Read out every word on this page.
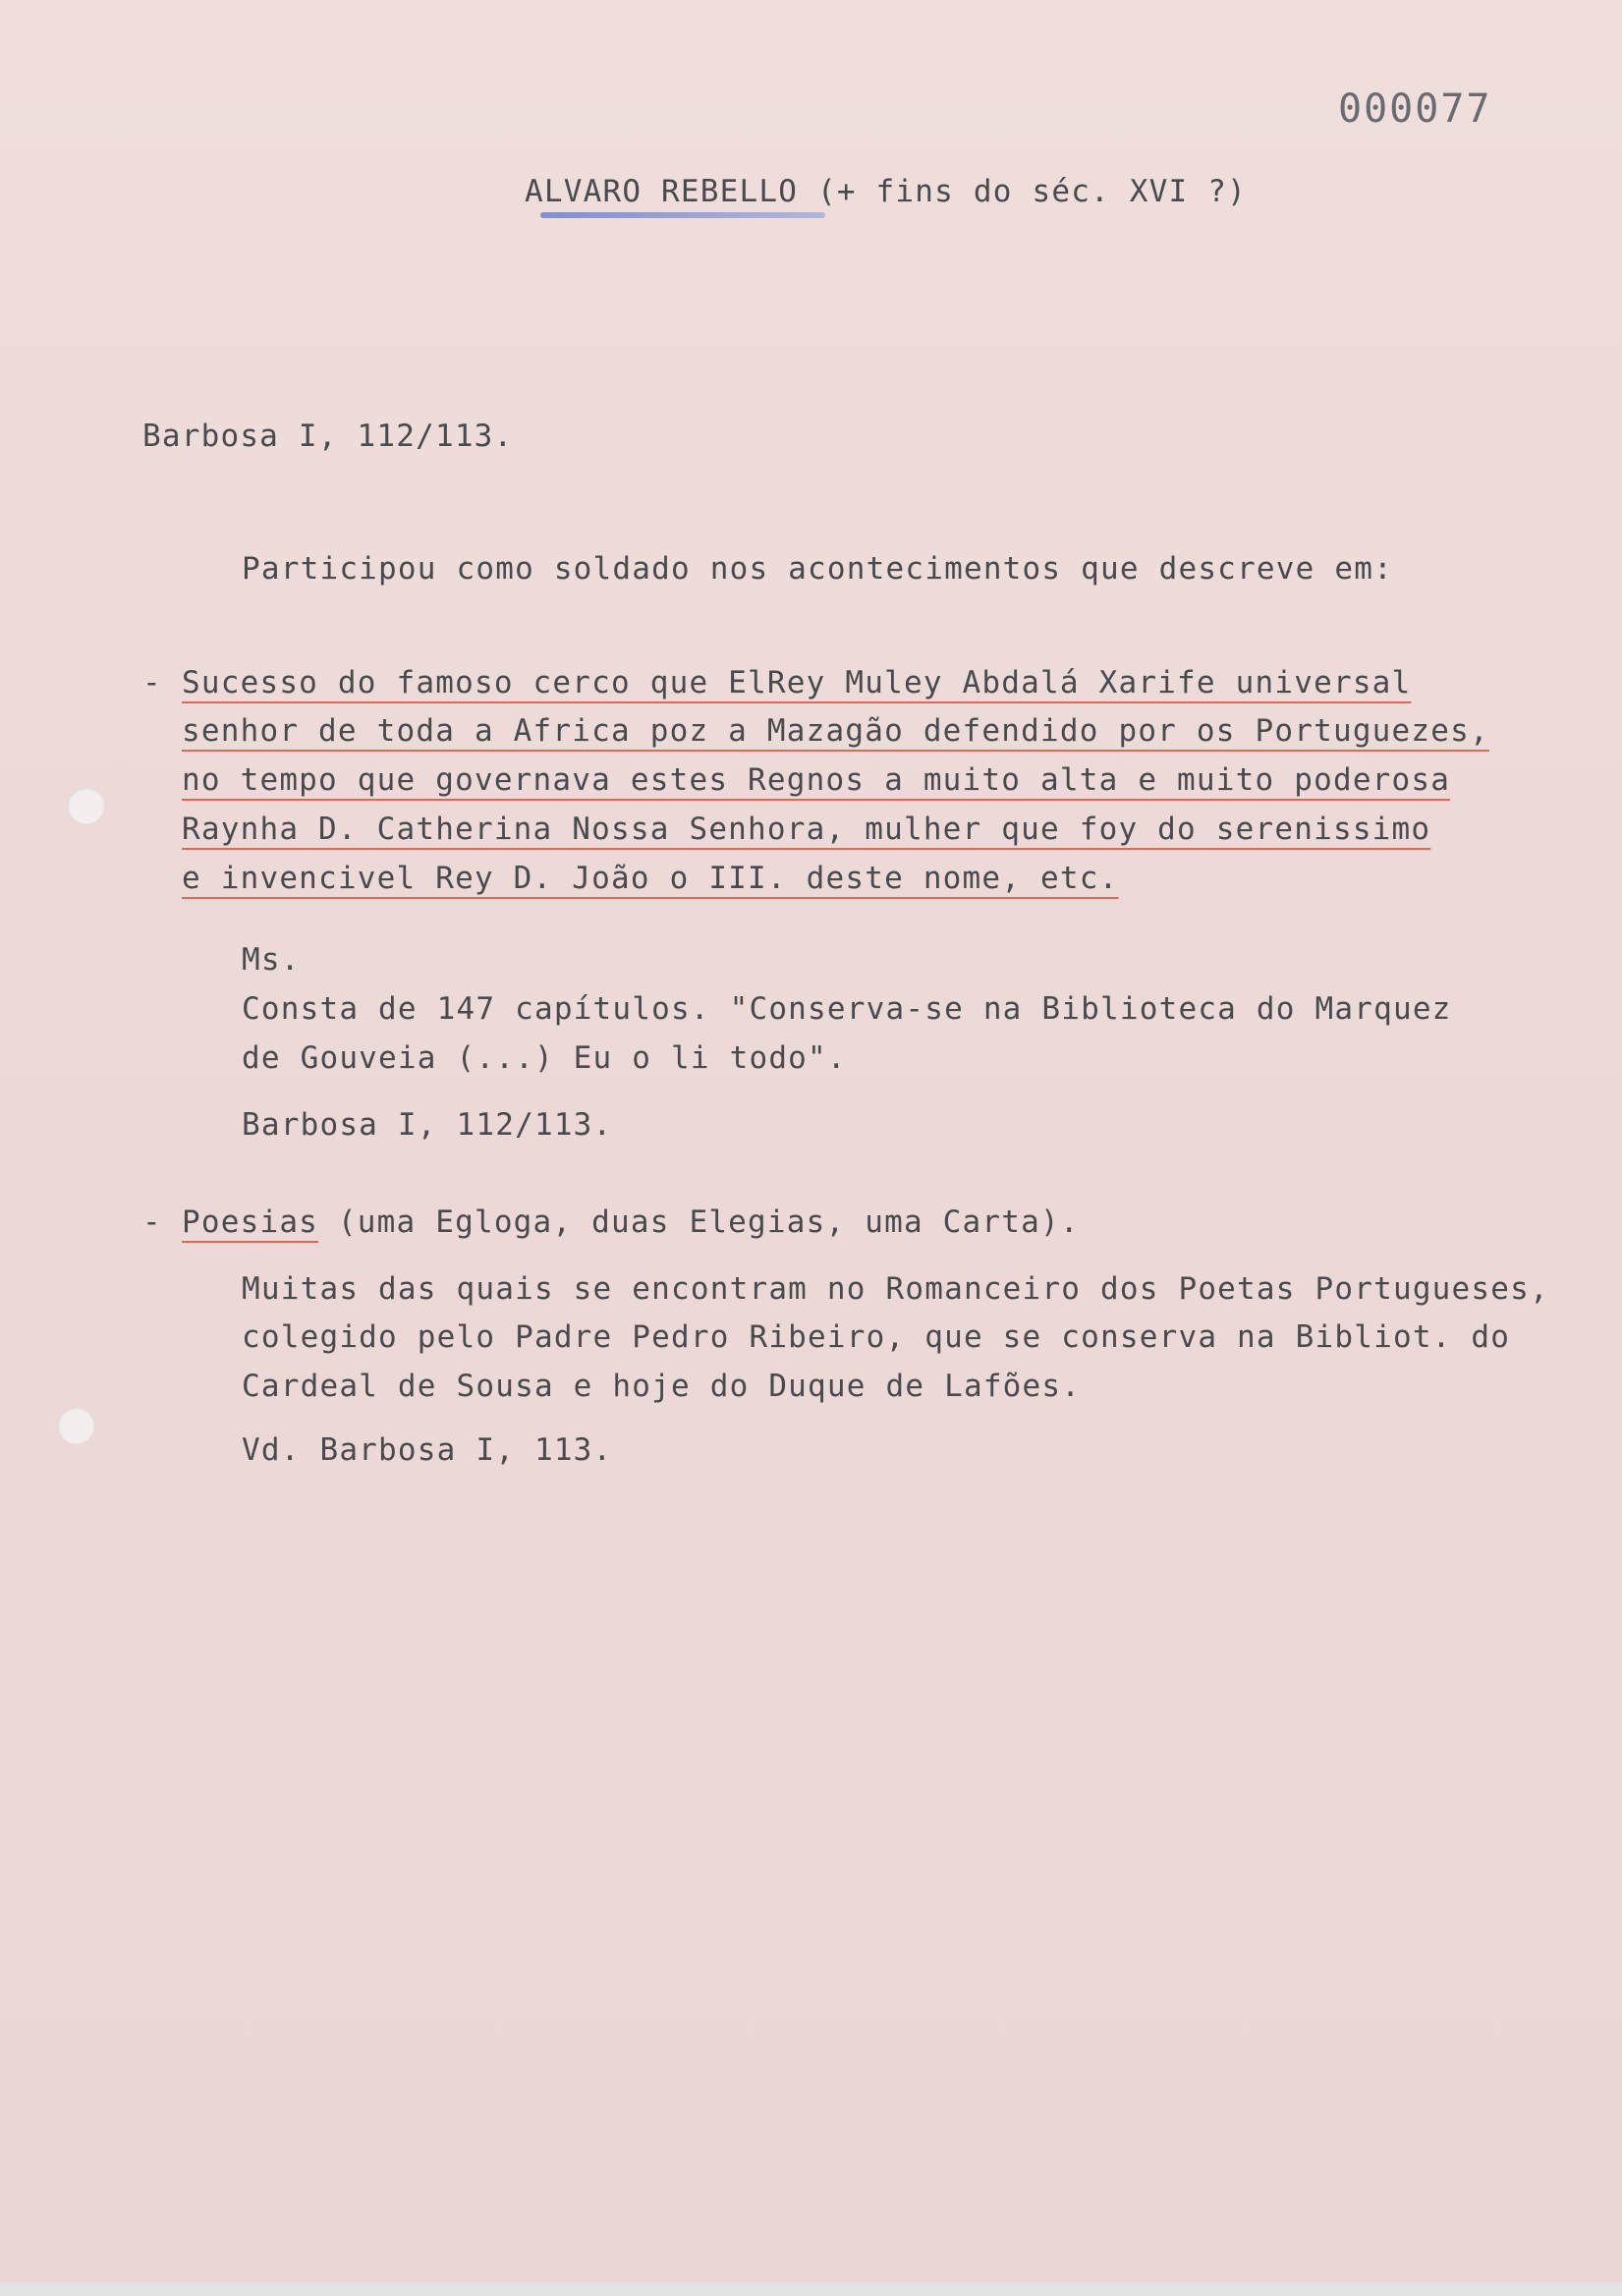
000077
ALVARO REBELLO (+ fins do séc. XVI ?)
Barbosa I, 112/113.
Participou como soldado nos acontecimentos que descreve em:
- Sucesso do famoso cerco que ElRey Muley Abdalá Xarife universal
senhor de toda a Africa poz a Mazagão defendido por os Portuguezes,
no tempo que governava estes Regnos a muito alta e muito poderosa
Raynha D. Catherina Nossa Senhora, mulher que foy do serenissimo
e invencivel Rey D. João o III. deste nome, etc.
Ms.
Consta de 147 capítulos. "Conserva-se na Biblioteca do Marquez
de Gouveia (...) Eu o li todo".
Barbosa I, 112/113.
- Poesias (uma Egloga, duas Elegias, uma Carta).
Muitas das quais se encontram no Romanceiro dos Poetas Portugueses,
colegido pelo Padre Pedro Ribeiro, que se conserva na Bibliot. do
Cardeal de Sousa e hoje do Duque de Lafões.
Vd. Barbosa I, 113.
